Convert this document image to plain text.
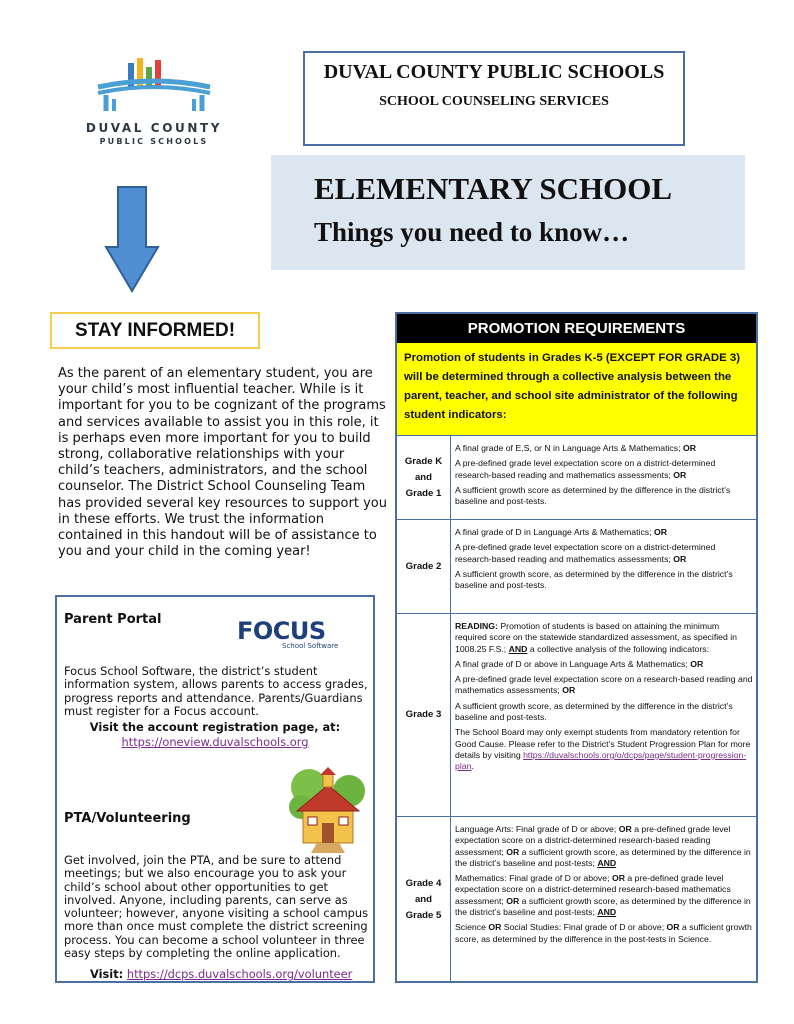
DUVAL COUNTY
PUBLIC SCHOOLS
DUVAL COUNTY PUBLIC SCHOOLS
SCHOOL COUNSELING SERVICES
ELEMENTARY SCHOOL
Things you need to know…
STAY INFORMED!
As the parent of an elementary student, you are your child’s most influential teacher. While is it important for you to be cognizant of the programs and services available to assist you in this role, it is perhaps even more important for you to build strong, collaborative relationships with your child’s teachers, administrators, and the school counselor. The District School Counseling Team has provided several key resources to support you in these efforts. We trust the information contained in this handout will be of assistance to you and your child in the coming year!
Parent Portal	FOCUS
School Software
Focus School Software, the district’s student information system, allows parents to access grades, progress reports and attendance. Parents/Guardians must register for a Focus account.
Visit the account registration page, at:
https://oneview.duvalschools.org
PTA/Volunteering
Get involved, join the PTA, and be sure to attend meetings; but we also encourage you to ask your child’s school about other opportunities to get involved. Anyone, including parents, can serve as volunteer; however, anyone visiting a school campus more than once must complete the district screening process. You can become a school volunteer in three easy steps by completing the online application.
Visit: https://dcps.duvalschools.org/volunteer
PROMOTION REQUIREMENTS
Promotion of students in Grades K-5 (EXCEPT FOR GRADE 3) will be determined through a collective analysis between the parent, teacher, and school site administrator of the following student indicators:
Grade K
and
Grade 1

A final grade of E,S, or N in Language Arts & Mathematics; OR

A pre-defined grade level expectation score on a district-determined research-based reading and mathematics assessments; OR

A sufficient growth score as determined by the difference in the district’s baseline and post-tests.

Grade 2

A final grade of D in Language Arts & Mathematics; OR

A pre-defined grade level expectation score on a district-determined research-based reading and mathematics assessments; OR

A sufficient growth score, as determined by the difference in the district’s baseline and post-tests.

Grade 3

READING: Promotion of students is based on attaining the minimum required score on the statewide standardized assessment, as specified in 1008.25 F.S.; AND a collective analysis of the following indicators:

A final grade of D or above in Language Arts & Mathematics; OR

A pre-defined grade level expectation score on a research-based reading and mathematics assessments; OR

A sufficient growth score, as determined by the difference in the district’s baseline and post-tests.

The School Board may only exempt students from mandatory retention for Good Cause. Please refer to the District’s Student Progression Plan for more details by visiting https://duvalschools.org/o/dcps/page/student-progression-plan.

Grade 4
and
Grade 5

Language Arts: Final grade of D or above; OR a pre-defined grade level expectation score on a district-determined research-based reading assessment; OR a sufficient growth score, as determined by the difference in the district’s baseline and post-tests; AND

Mathematics: Final grade of D or above; OR a pre-defined grade level expectation score on a district-determined research-based mathematics assessment; OR a sufficient growth score, as determined by the difference in the district’s baseline and post-tests; AND

Science OR Social Studies: Final grade of D or above; OR a sufficient growth score, as determined by the difference in the post-tests in Science.
